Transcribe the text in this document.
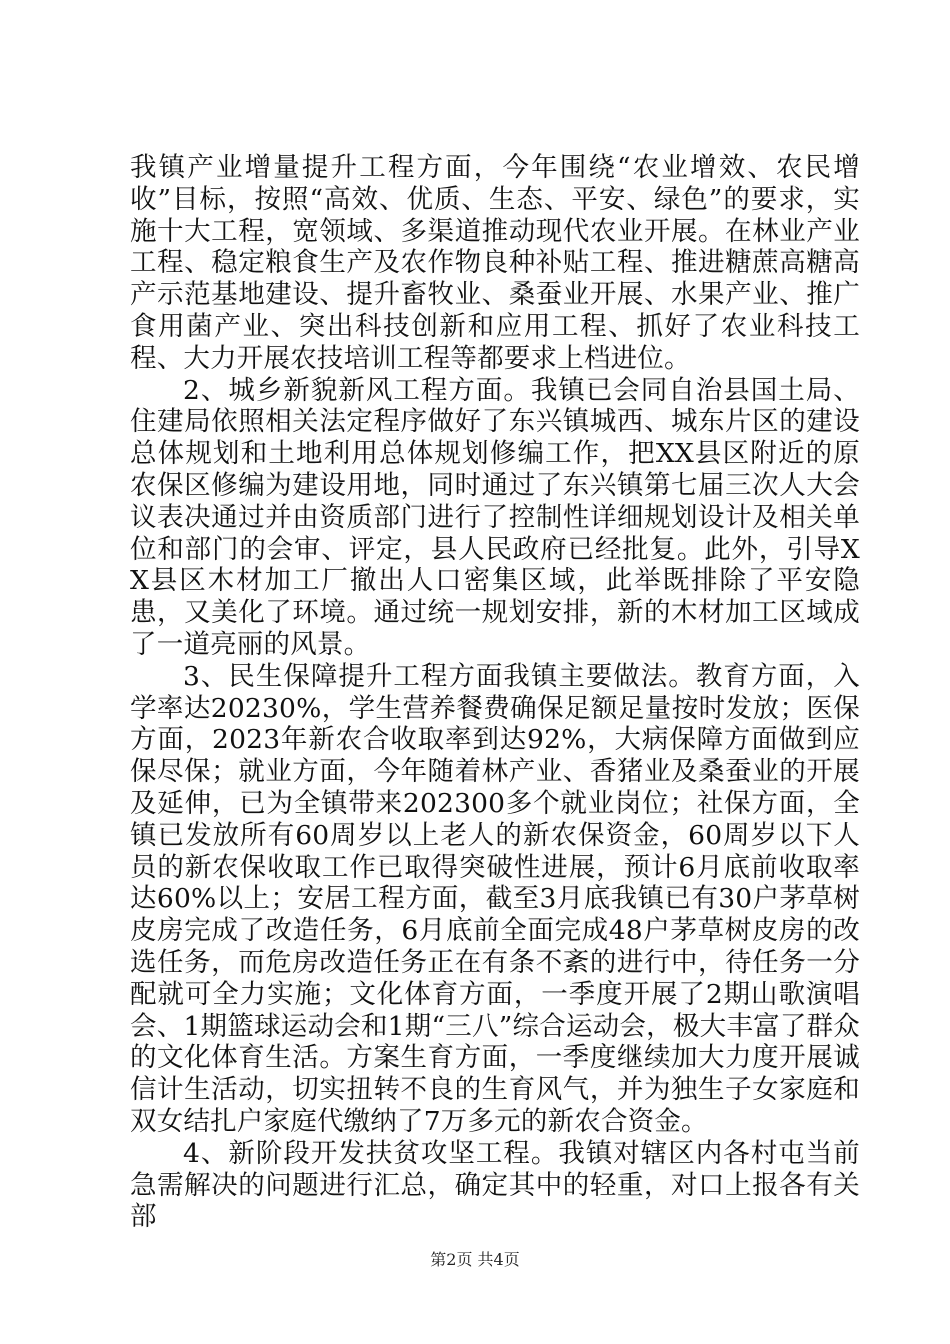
我镇产业增量提升工程方面，今年围绕“农业增效、农民增收”目标，按照“高效、优质、生态、平安、绿色”的要求，实施十大工程，宽领域、多渠道推动现代农业开展。在林业产业工程、稳定粮食生产及农作物良种补贴工程、推进糖蔗高糖高产示范基地建设、提升畜牧业、桑蚕业开展、水果产业、推广食用菌产业、突出科技创新和应用工程、抓好了农业科技工程、大力开展农技培训工程等都要求上档进位。

2、城乡新貌新风工程方面。我镇已会同自治县国土局、住建局依照相关法定程序做好了东兴镇城西、城东片区的建设总体规划和土地利用总体规划修编工作，把XX县区附近的原农保区修编为建设用地，同时通过了东兴镇第七届三次人大会议表决通过并由资质部门进行了控制性详细规划设计及相关单位和部门的会审、评定，县人民政府已经批复。此外，引导XX县区木材加工厂撤出人口密集区域，此举既排除了平安隐患，又美化了环境。通过统一规划安排，新的木材加工区域成了一道亮丽的风景。

3、民生保障提升工程方面我镇主要做法。教育方面，入学率达20230%，学生营养餐费确保足额足量按时发放；医保方面，2023年新农合收取率到达92%，大病保障方面做到应保尽保；就业方面，今年随着林产业、香猪业及桑蚕业的开展及延伸，已为全镇带来202300多个就业岗位；社保方面，全镇已发放所有60周岁以上老人的新农保资金，60周岁以下人员的新农保收取工作已取得突破性进展，预计6月底前收取率达60%以上；安居工程方面，截至3月底我镇已有30户茅草树皮房完成了改造任务，6月底前全面完成48户茅草树皮房的改选任务，而危房改造任务正在有条不紊的进行中，待任务一分配就可全力实施；文化体育方面，一季度开展了2期山歌演唱会、1期篮球运动会和1期“三八”综合运动会，极大丰富了群众的文化体育生活。方案生育方面，一季度继续加大力度开展诚信计生活动，切实扭转不良的生育风气，并为独生子女家庭和双女结扎户家庭代缴纳了7万多元的新农合资金。

4、新阶段开发扶贫攻坚工程。我镇对辖区内各村屯当前急需解决的问题进行汇总，确定其中的轻重，对口上报各有关部

第2页 共4页
